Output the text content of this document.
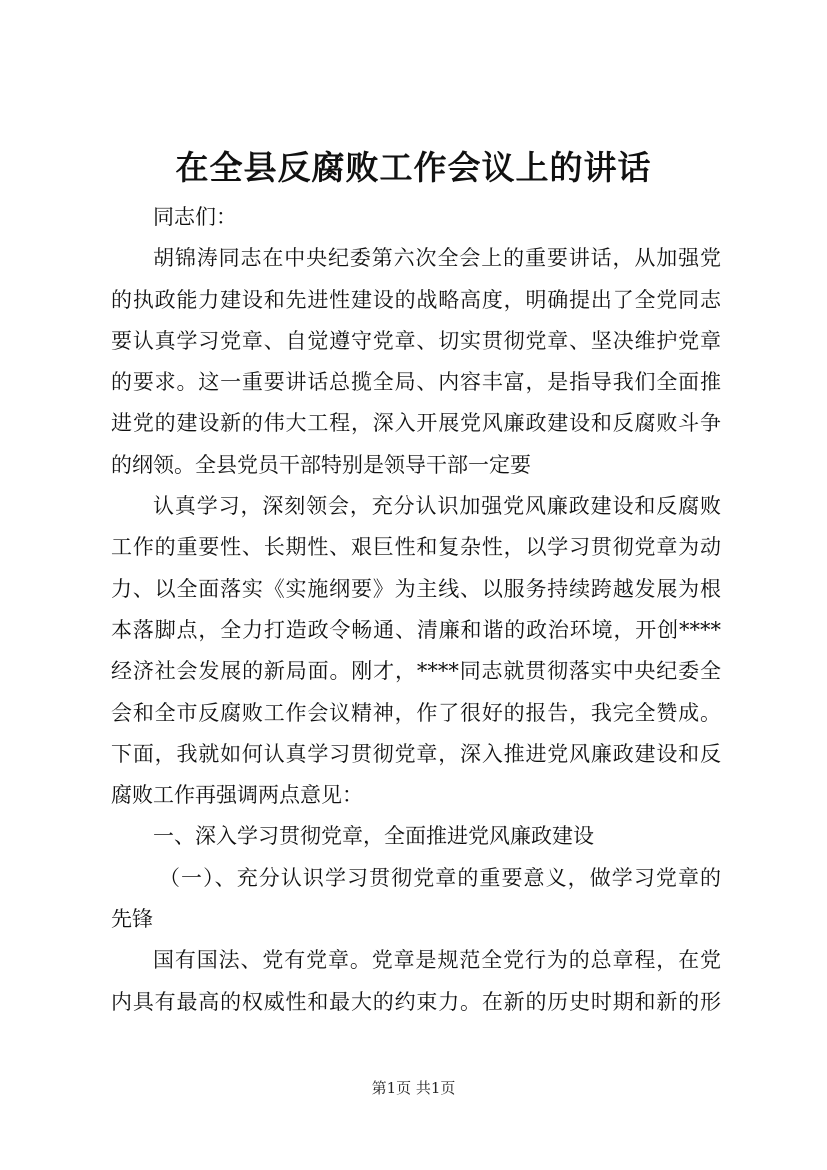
在全县反腐败工作会议上的讲话
同志们：
胡锦涛同志在中央纪委第六次全会上的重要讲话，从加强党
的执政能力建设和先进性建设的战略高度，明确提出了全党同志
要认真学习党章、自觉遵守党章、切实贯彻党章、坚决维护党章
的要求。这一重要讲话总揽全局、内容丰富，是指导我们全面推
进党的建设新的伟大工程，深入开展党风廉政建设和反腐败斗争
的纲领。全县党员干部特别是领导干部一定要
认真学习，深刻领会，充分认识加强党风廉政建设和反腐败
工作的重要性、长期性、艰巨性和复杂性，以学习贯彻党章为动
力、以全面落实《实施纲要》为主线、以服务持续跨越发展为根
本落脚点，全力打造政令畅通、清廉和谐的政治环境，开创****
经济社会发展的新局面。刚才，****同志就贯彻落实中央纪委全
会和全市反腐败工作会议精神，作了很好的报告，我完全赞成。
下面，我就如何认真学习贯彻党章，深入推进党风廉政建设和反
腐败工作再强调两点意见：
一、深入学习贯彻党章，全面推进党风廉政建设
（一）、充分认识学习贯彻党章的重要意义，做学习党章的
先锋
国有国法、党有党章。党章是规范全党行为的总章程，在党
内具有最高的权威性和最大的约束力。在新的历史时期和新的形
第1页 共1页
